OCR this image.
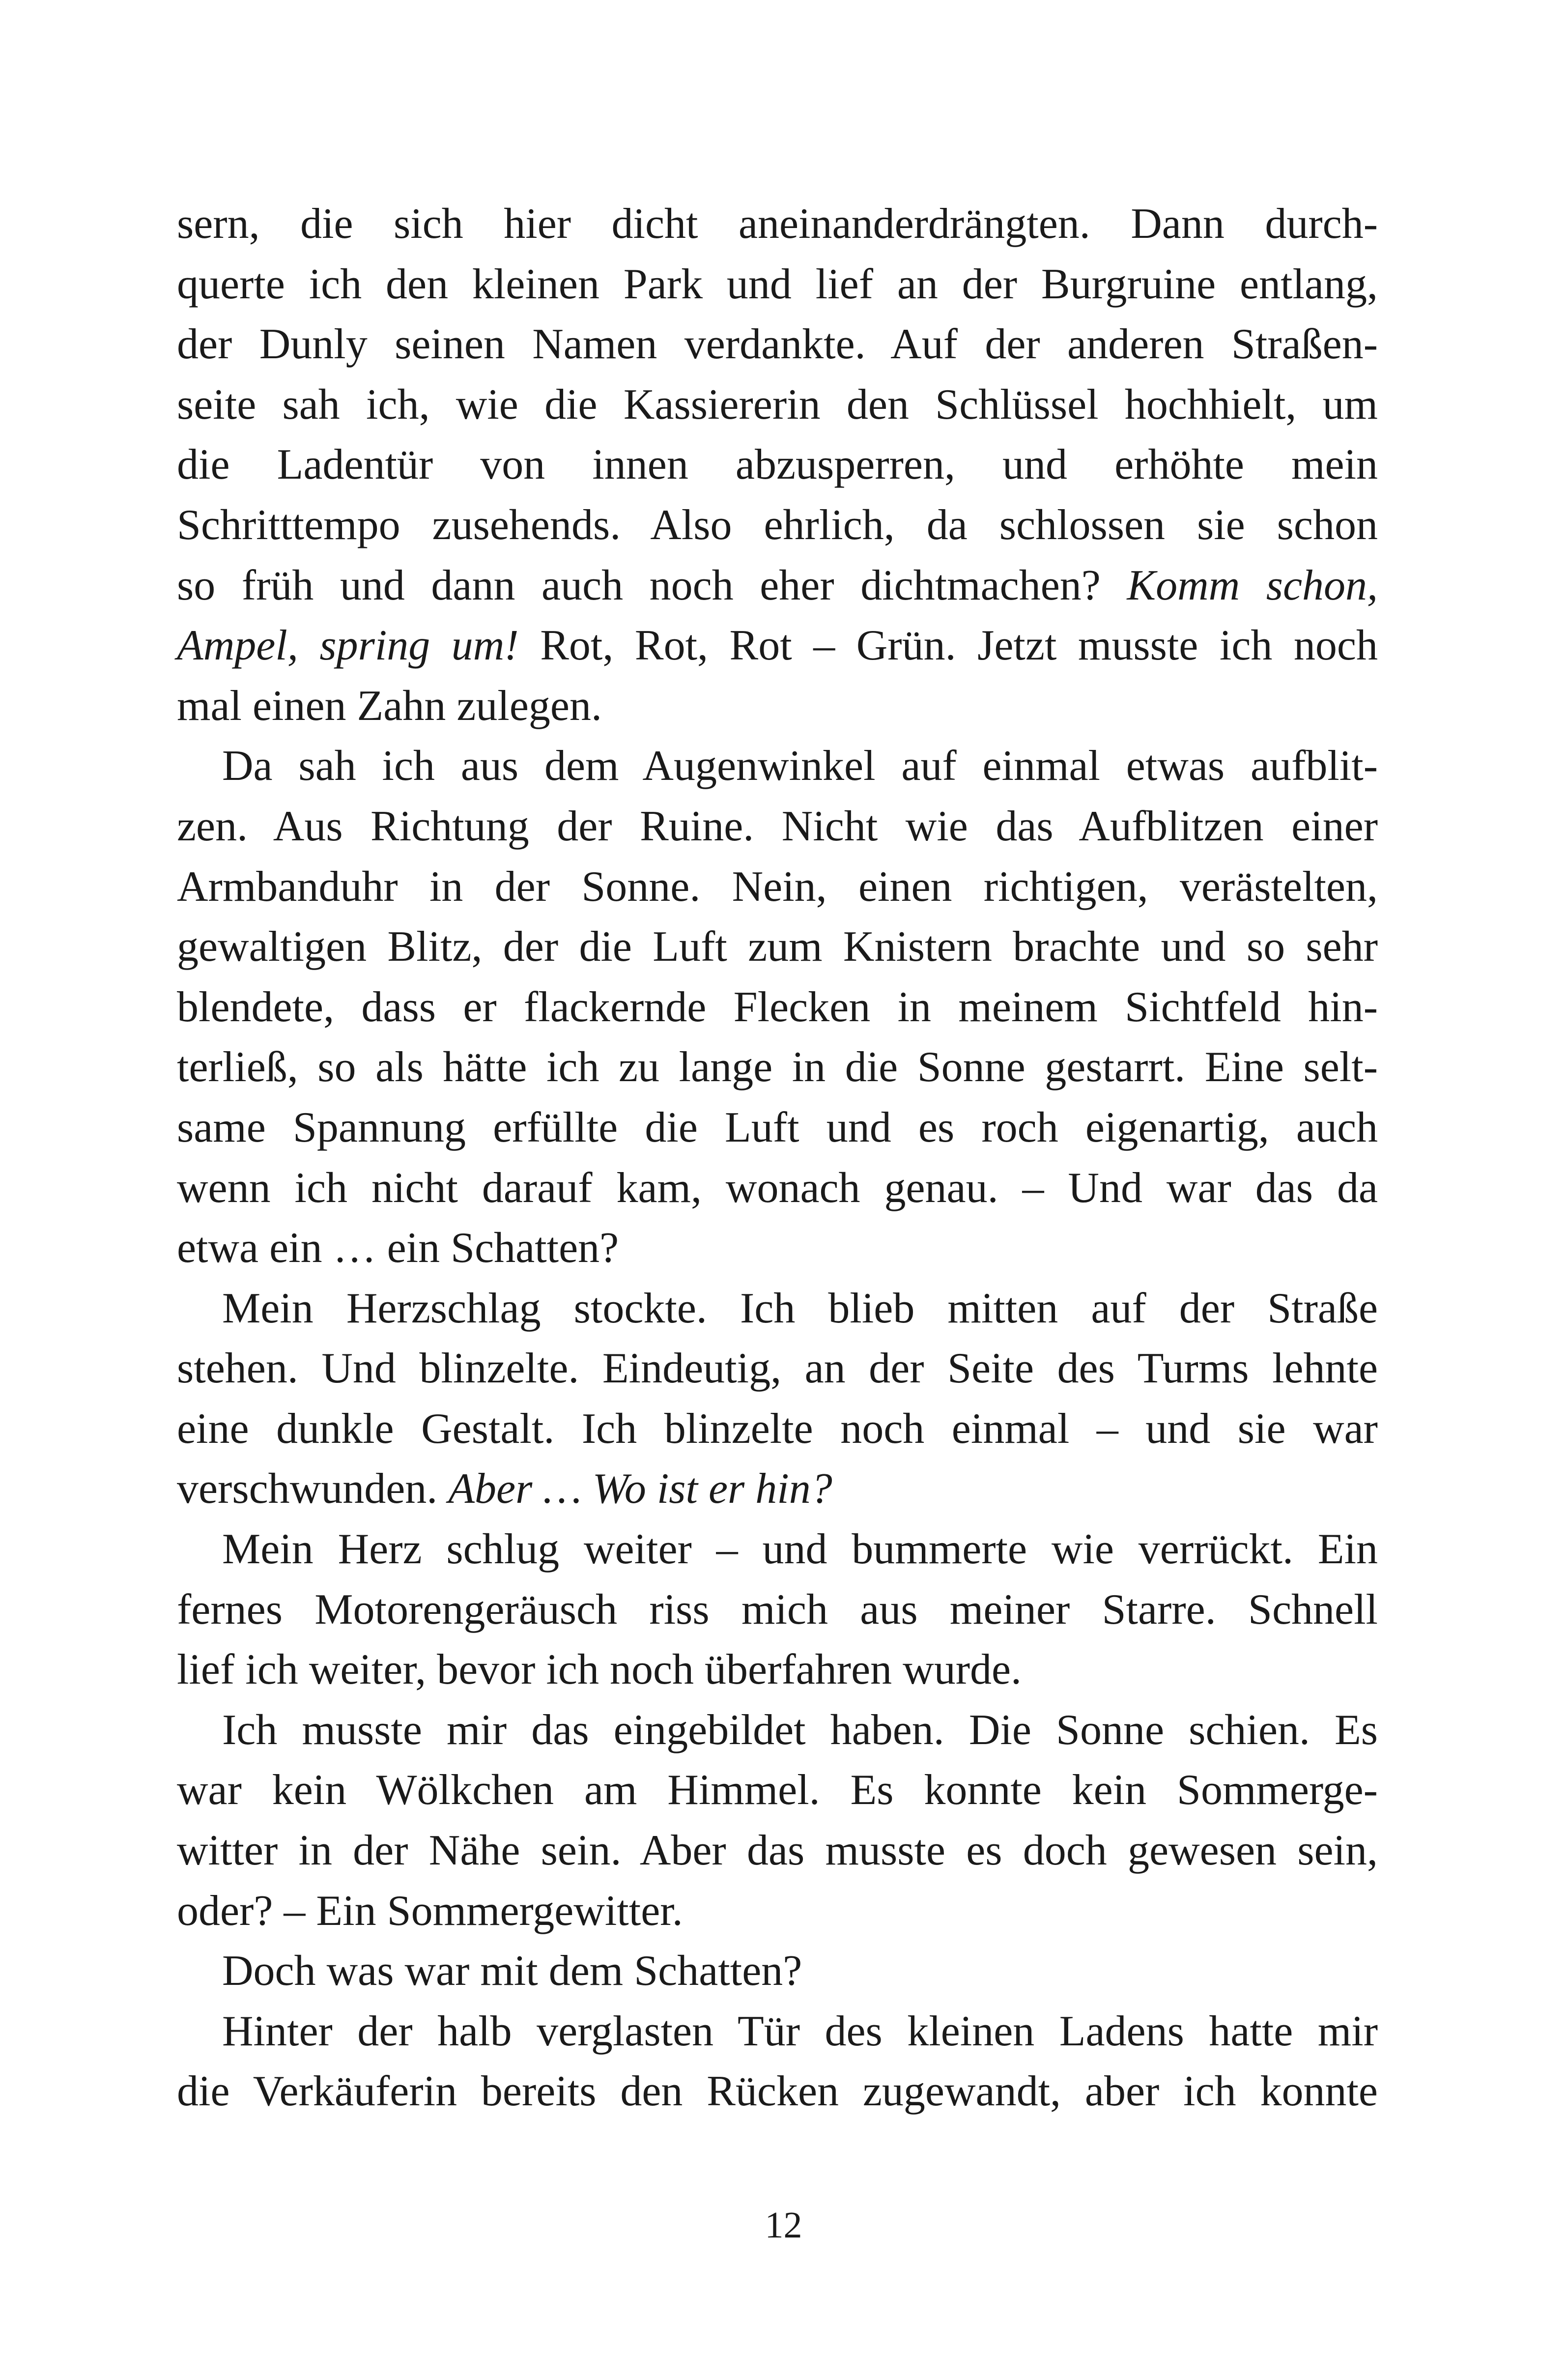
sern, die sich hier dicht aneinanderdrängten. Dann durch-
querte ich den kleinen Park und lief an der Burgruine entlang,
der Dunly seinen Namen verdankte. Auf der anderen Straßen-
seite sah ich, wie die Kassiererin den Schlüssel hochhielt, um
die Ladentür von innen abzusperren, und erhöhte mein
Schritttempo zusehends. Also ehrlich, da schlossen sie schon
so früh und dann auch noch eher dichtmachen? Komm schon,
Ampel, spring um! Rot, Rot, Rot – Grün. Jetzt musste ich noch
mal einen Zahn zulegen.
Da sah ich aus dem Augenwinkel auf einmal etwas aufblit-
zen. Aus Richtung der Ruine. Nicht wie das Aufblitzen einer
Armbanduhr in der Sonne. Nein, einen richtigen, verästelten,
gewaltigen Blitz, der die Luft zum Knistern brachte und so sehr
blendete, dass er flackernde Flecken in meinem Sichtfeld hin-
terließ, so als hätte ich zu lange in die Sonne gestarrt. Eine selt-
same Spannung erfüllte die Luft und es roch eigenartig, auch
wenn ich nicht darauf kam, wonach genau. – Und war das da
etwa ein … ein Schatten?
Mein Herzschlag stockte. Ich blieb mitten auf der Straße
stehen. Und blinzelte. Eindeutig, an der Seite des Turms lehnte
eine dunkle Gestalt. Ich blinzelte noch einmal – und sie war
verschwunden. Aber … Wo ist er hin?
Mein Herz schlug weiter – und bummerte wie verrückt. Ein
fernes Motorengeräusch riss mich aus meiner Starre. Schnell
lief ich weiter, bevor ich noch überfahren wurde.
Ich musste mir das eingebildet haben. Die Sonne schien. Es
war kein Wölkchen am Himmel. Es konnte kein Sommerge-
witter in der Nähe sein. Aber das musste es doch gewesen sein,
oder? – Ein Sommergewitter.
Doch was war mit dem Schatten?
Hinter der halb verglasten Tür des kleinen Ladens hatte mir
die Verkäuferin bereits den Rücken zugewandt, aber ich konnte
12
